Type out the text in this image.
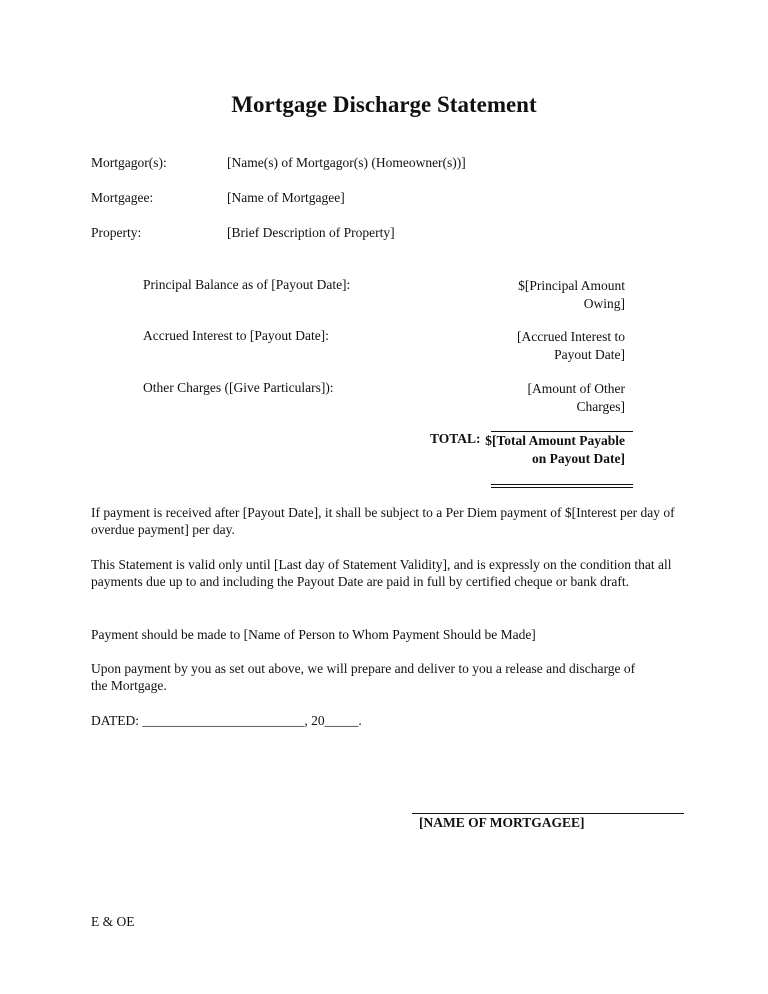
Mortgage Discharge Statement
Mortgagor(s):	[Name(s) of Mortgagor(s) (Homeowner(s))]
Mortgagee:	[Name of Mortgagee]
Property:	[Brief Description of Property]
Principal Balance as of [Payout Date]:	$[Principal Amount Owing]
Accrued Interest to [Payout Date]:	[Accrued Interest to Payout Date]
Other Charges ([Give Particulars]):	[Amount of Other Charges]
TOTAL: $[Total Amount Payable on Payout Date]
If payment is received after [Payout Date], it shall be subject to a Per Diem payment of $[Interest per day of overdue payment] per day.
This Statement is valid only until [Last day of Statement Validity], and is expressly on the condition that all payments due up to and including the Payout Date are paid in full by certified cheque or bank draft.
Payment should be made to [Name of Person to Whom Payment Should be Made]
Upon payment by you as set out above, we will prepare and deliver to you a release and discharge of the Mortgage.
DATED: ________________________, 20_____.
[NAME OF MORTGAGEE]
E & OE
